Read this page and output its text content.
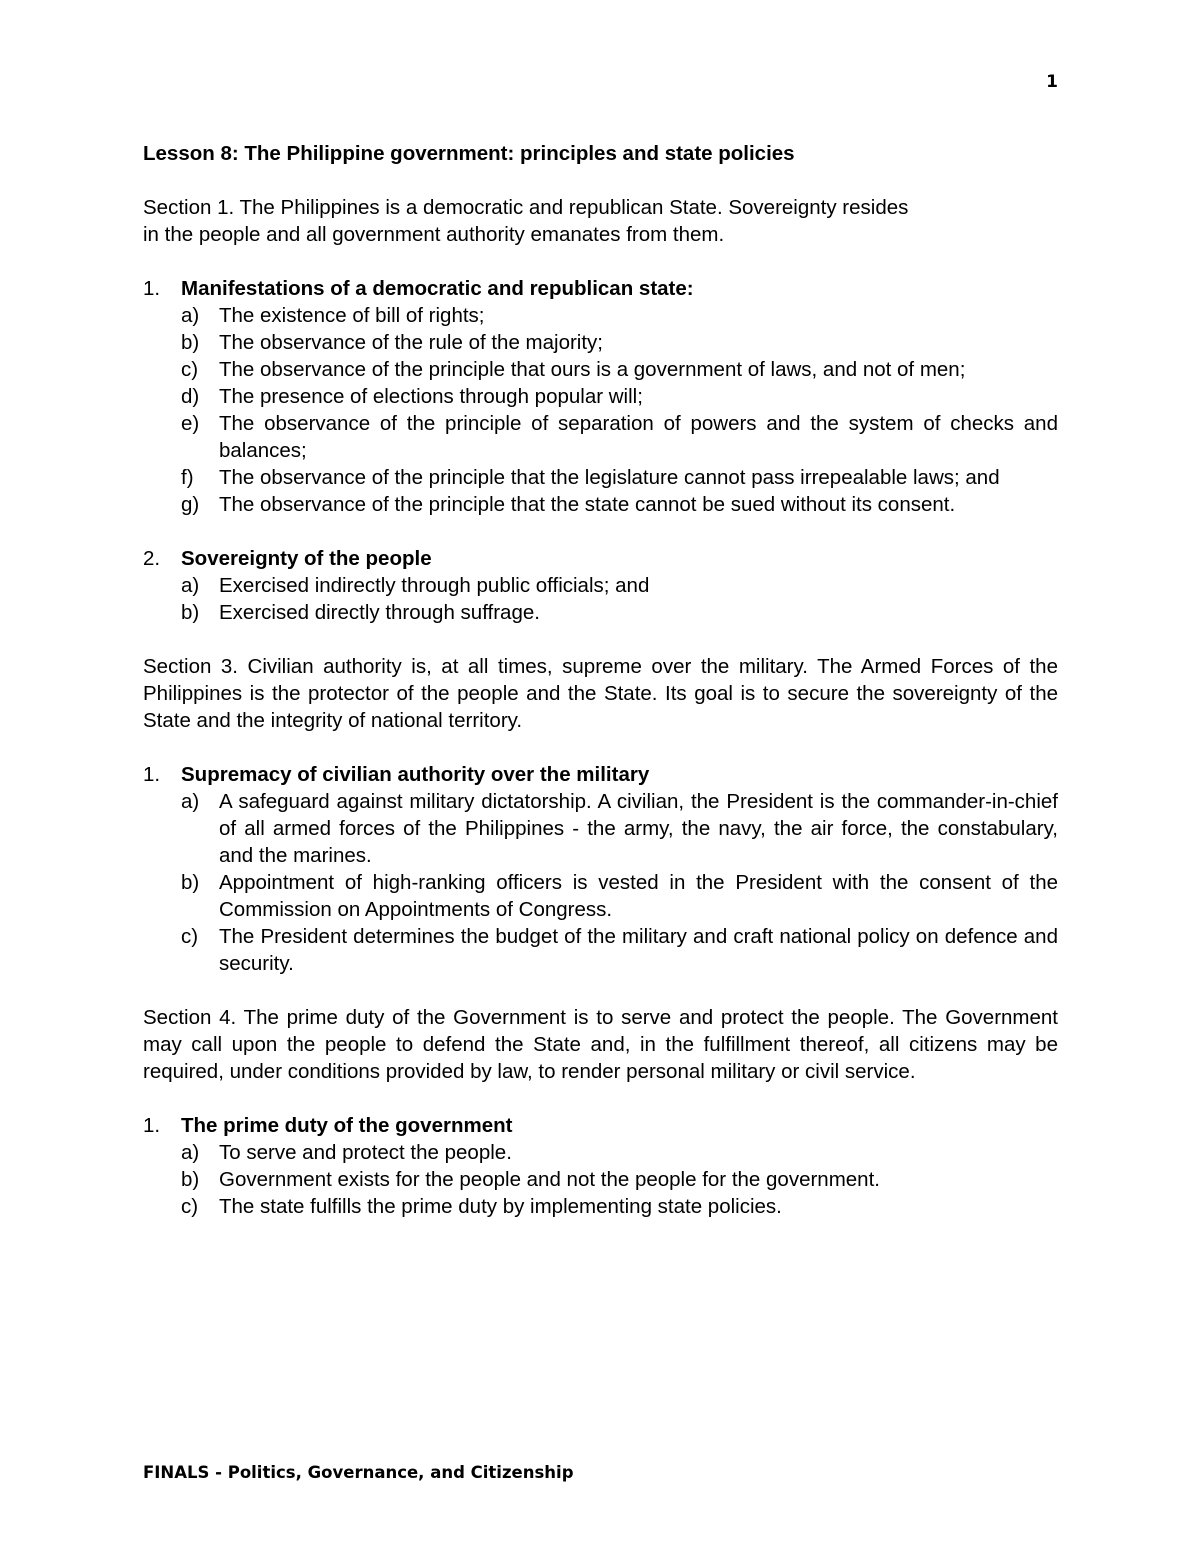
1
Lesson 8: The Philippine government: principles and state policies
Section 1. The Philippines is a democratic and republican State. Sovereignty resides
in the people and all government authority emanates from them.
1.	Manifestations of a democratic and republican state:
a) The existence of bill of rights;
b) The observance of the rule of the majority;
c)	The observance of the principle that ours is a government of laws, and not of men;
d) The presence of elections through popular will;
e) The observance of the principle of separation of powers and the system of checks and balances;
f)	The observance of the principle that the legislature cannot pass irrepealable laws; and
g) The observance of the principle that the state cannot be sued without its consent.
2.	Sovereignty of the people
a) Exercised indirectly through public officials; and
b) Exercised directly through suffrage.
Section 3. Civilian authority is, at all times, supreme over the military. The Armed Forces of the Philippines is the protector of the people and the State. Its goal is to secure the sovereignty of the State and the integrity of national territory.
1.	Supremacy of civilian authority over the military
a) A safeguard against military dictatorship. A civilian, the President is the commander-in-chief of all armed forces of the Philippines - the army, the navy, the air force, the constabulary, and the marines.
b) Appointment of high-ranking officers is vested in the President with the consent of the Commission on Appointments of Congress.
c)	The President determines the budget of the military and craft national policy on defence and security.
Section 4. The prime duty of the Government is to serve and protect the people. The Government may call upon the people to defend the State and, in the fulfillment thereof, all citizens may be required, under conditions provided by law, to render personal military or civil service.
1.	The prime duty of the government
a) To serve and protect the people.
b) Government exists for the people and not the people for the government.
c)	The state fulfills the prime duty by implementing state policies.
FINALS - Politics, Governance, and Citizenship
